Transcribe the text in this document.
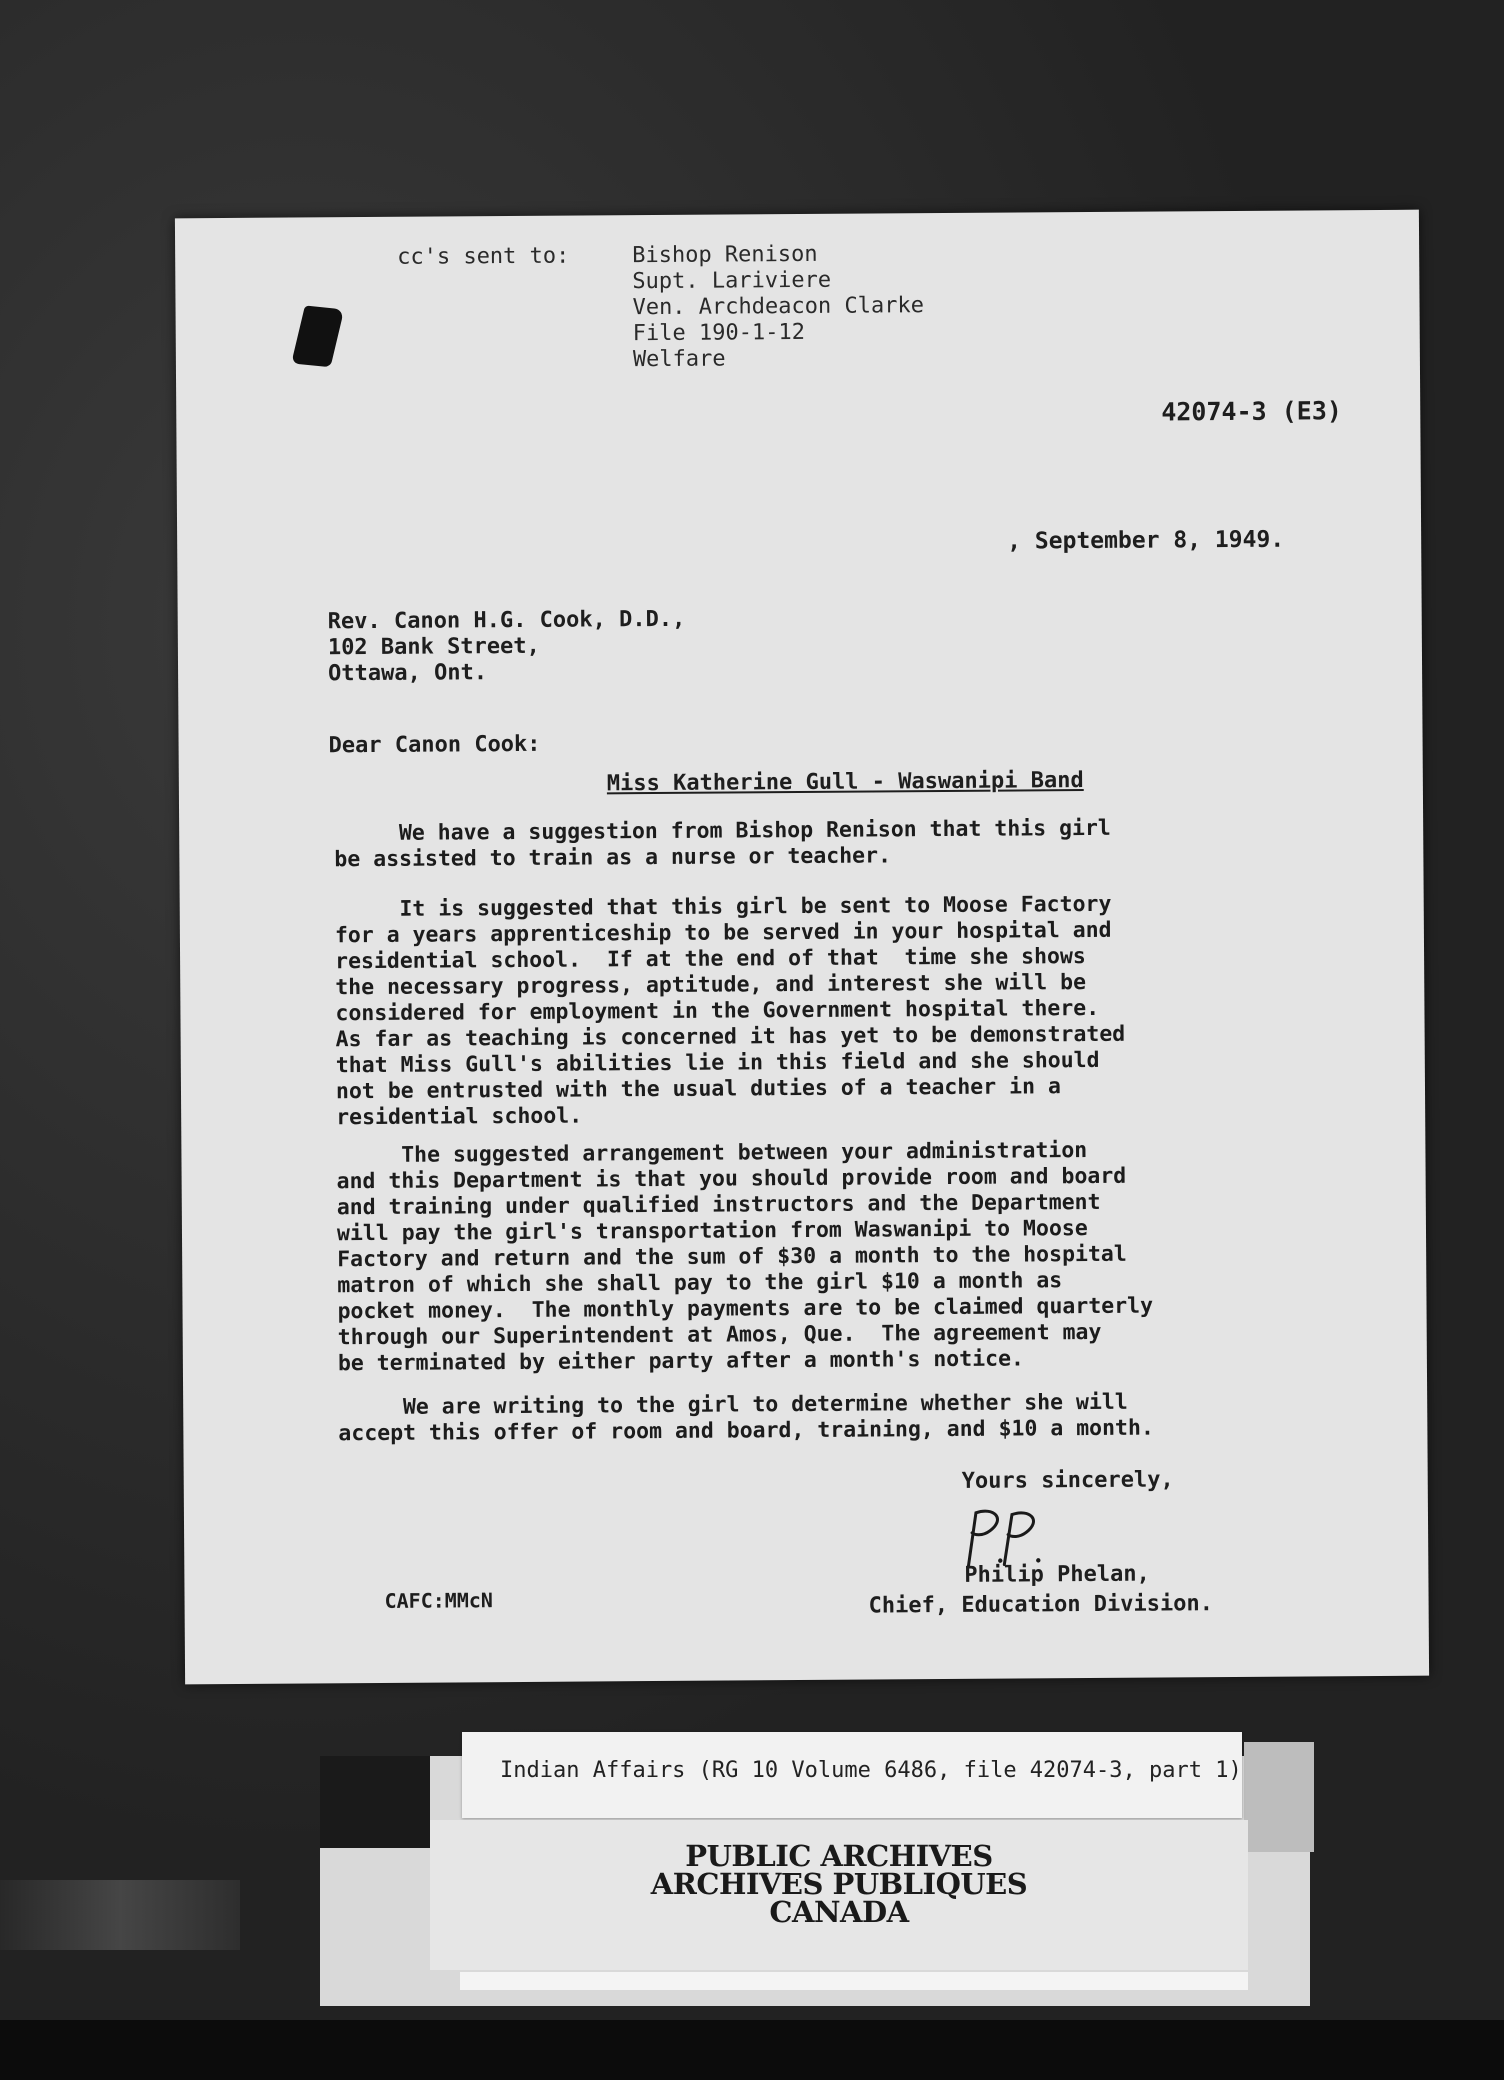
cc's sent to:	Bishop Renison
Supt. Lariviere
Ven. Archdeacon Clarke
File 190-1-12
Welfare
42074-3 (E3)
, September 8, 1949.
Rev. Canon H.G. Cook, D.D.,
102 Bank Street,
Ottawa, Ont.
Dear Canon Cook:
Miss Katherine Gull - Waswanipi Band
We have a suggestion from Bishop Renison that this girl
be assisted to train as a nurse or teacher.
It is suggested that this girl be sent to Moose Factory
for a years apprenticeship to be served in your hospital and
residential school.  If at the end of that  time she shows
the necessary progress, aptitude, and interest she will be
considered for employment in the Government hospital there.
As far as teaching is concerned it has yet to be demonstrated
that Miss Gull's abilities lie in this field and she should
not be entrusted with the usual duties of a teacher in a
residential school.
The suggested arrangement between your administration
and this Department is that you should provide room and board
and training under qualified instructors and the Department
will pay the girl's transportation from Waswanipi to Moose
Factory and return and the sum of $30 a month to the hospital
matron of which she shall pay to the girl $10 a month as
pocket money.  The monthly payments are to be claimed quarterly
through our Superintendent at Amos, Que.  The agreement may
be terminated by either party after a month's notice.
We are writing to the girl to determine whether she will
accept this offer of room and board, training, and $10 a month.
Yours sincerely,
CAFC:MMcN
Philip Phelan,
Chief, Education Division.
Indian Affairs (RG 10 Volume 6486, file 42074-3, part 1)
PUBLIC ARCHIVES
ARCHIVES PUBLIQUES
CANADA
